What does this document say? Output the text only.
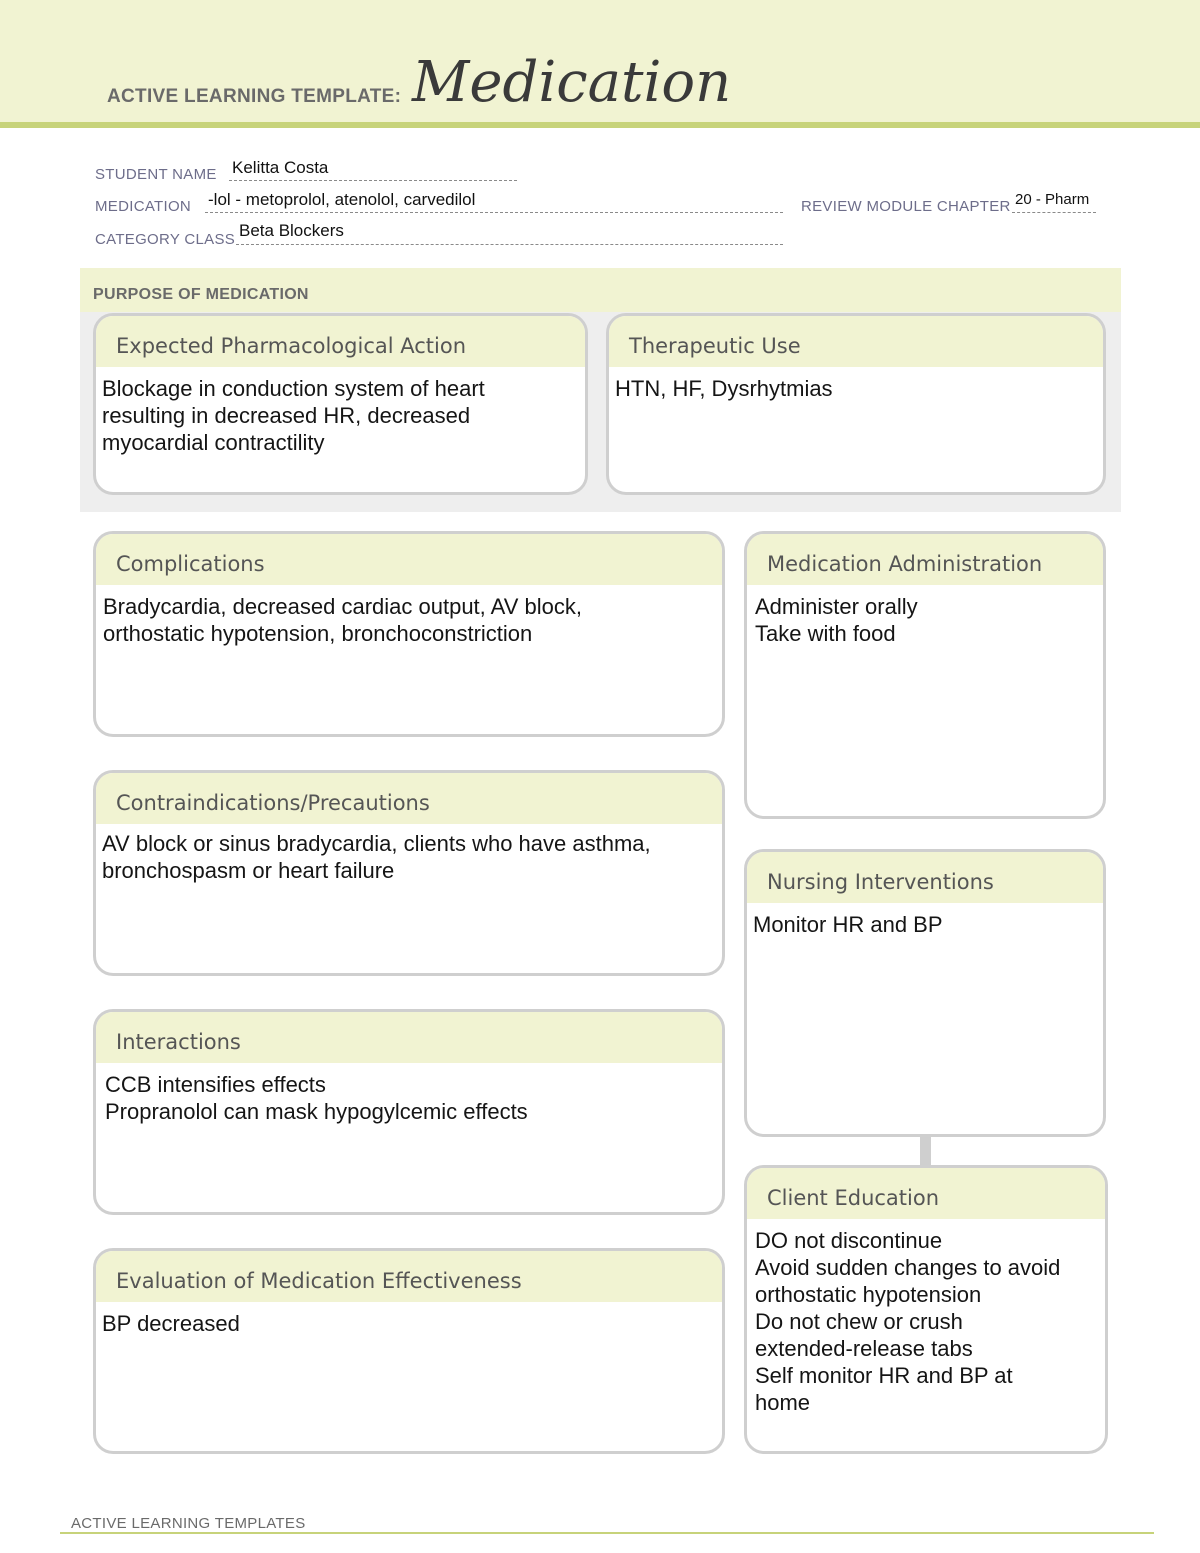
ACTIVE LEARNING TEMPLATE: Medication
STUDENT NAME Kelitta Costa
MEDICATION -lol - metoprolol, atenolol, carvedilol	REVIEW MODULE CHAPTER 20 - Pharm
CATEGORY CLASS Beta Blockers
PURPOSE OF MEDICATION
Expected Pharmacological Action
Blockage in conduction system of heart
resulting in decreased HR, decreased
myocardial contractility
Therapeutic Use
HTN, HF, Dysrhytmias
Complications
Bradycardia, decreased cardiac output, AV block,
orthostatic hypotension, bronchoconstriction
Contraindications/Precautions
AV block or sinus bradycardia, clients who have asthma,
bronchospasm or heart failure
Interactions
CCB intensifies effects
Propranolol can mask hypogylcemic effects
Evaluation of Medication Effectiveness
BP decreased
Medication Administration
Administer orally
Take with food
Nursing Interventions
Monitor HR and BP
Client Education
DO not discontinue
Avoid sudden changes to avoid
orthostatic hypotension
Do not chew or crush
extended-release tabs
Self monitor HR and BP at
home
ACTIVE LEARNING TEMPLATES
